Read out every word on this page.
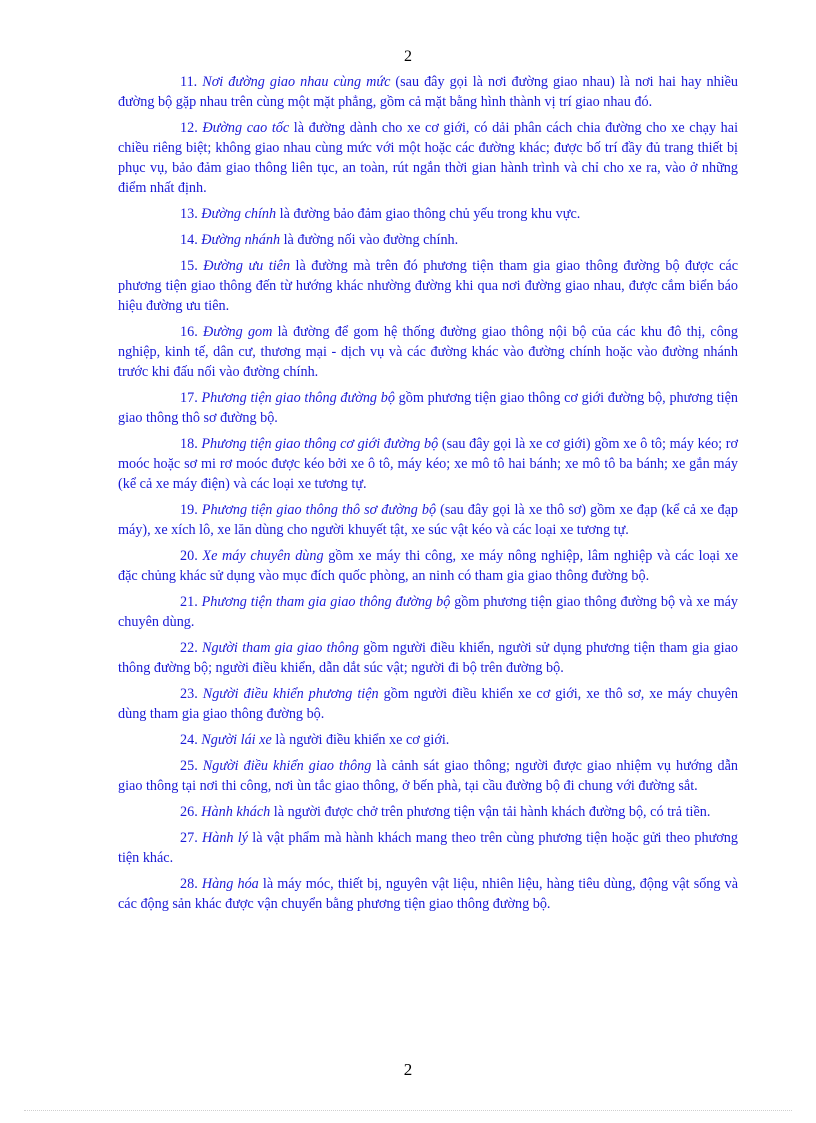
2

11. Nơi đường giao nhau cùng mức (sau đây gọi là nơi đường giao nhau) là nơi hai hay nhiều đường bộ gặp nhau trên cùng một mặt phẳng, gồm cả mặt bằng hình thành vị trí giao nhau đó.

12. Đường cao tốc là đường dành cho xe cơ giới, có dải phân cách chia đường cho xe chạy hai chiều riêng biệt; không giao nhau cùng mức với một hoặc các đường khác; được bố trí đầy đủ trang thiết bị phục vụ, bảo đảm giao thông liên tục, an toàn, rút ngắn thời gian hành trình và chỉ cho xe ra, vào ở những điểm nhất định.

13. Đường chính là đường bảo đảm giao thông chủ yếu trong khu vực.

14. Đường nhánh là đường nối vào đường chính.

15. Đường ưu tiên là đường mà trên đó phương tiện tham gia giao thông đường bộ được các phương tiện giao thông đến từ hướng khác nhường đường khi qua nơi đường giao nhau, được cắm biển báo hiệu đường ưu tiên.

16. Đường gom là đường để gom hệ thống đường giao thông nội bộ của các khu đô thị, công nghiệp, kinh tế, dân cư, thương mại - dịch vụ và các đường khác vào đường chính hoặc vào đường nhánh trước khi đấu nối vào đường chính.

17. Phương tiện giao thông đường bộ gồm phương tiện giao thông cơ giới đường bộ, phương tiện giao thông thô sơ đường bộ.

18. Phương tiện giao thông cơ giới đường bộ (sau đây gọi là xe cơ giới) gồm xe ô tô; máy kéo; rơ moóc hoặc sơ mi rơ moóc được kéo bởi xe ô tô, máy kéo; xe mô tô hai bánh; xe mô tô ba bánh; xe gắn máy (kể cả xe máy điện) và các loại xe tương tự.

19. Phương tiện giao thông thô sơ đường bộ (sau đây gọi là xe thô sơ) gồm xe đạp (kể cả xe đạp máy), xe xích lô, xe lăn dùng cho người khuyết tật, xe súc vật kéo và các loại xe tương tự.

20. Xe máy chuyên dùng gồm xe máy thi công, xe máy nông nghiệp, lâm nghiệp và các loại xe đặc chủng khác sử dụng vào mục đích quốc phòng, an ninh có tham gia giao thông đường bộ.

21. Phương tiện tham gia giao thông đường bộ gồm phương tiện giao thông đường bộ và xe máy chuyên dùng.

22. Người tham gia giao thông gồm người điều khiển, người sử dụng phương tiện tham gia giao thông đường bộ; người điều khiển, dẫn dắt súc vật; người đi bộ trên đường bộ.

23. Người điều khiển phương tiện gồm người điều khiển xe cơ giới, xe thô sơ, xe máy chuyên dùng tham gia giao thông đường bộ.

24. Người lái xe là người điều khiển xe cơ giới.

25. Người điều khiển giao thông là cảnh sát giao thông; người được giao nhiệm vụ hướng dẫn giao thông tại nơi thi công, nơi ùn tắc giao thông, ở bến phà, tại cầu đường bộ đi chung với đường sắt.

26. Hành khách là người được chở trên phương tiện vận tải hành khách đường bộ, có trả tiền.

27. Hành lý là vật phẩm mà hành khách mang theo trên cùng phương tiện hoặc gửi theo phương tiện khác.

28. Hàng hóa là máy móc, thiết bị, nguyên vật liệu, nhiên liệu, hàng tiêu dùng, động vật sống và các động sản khác được vận chuyển bằng phương tiện giao thông đường bộ.

2
